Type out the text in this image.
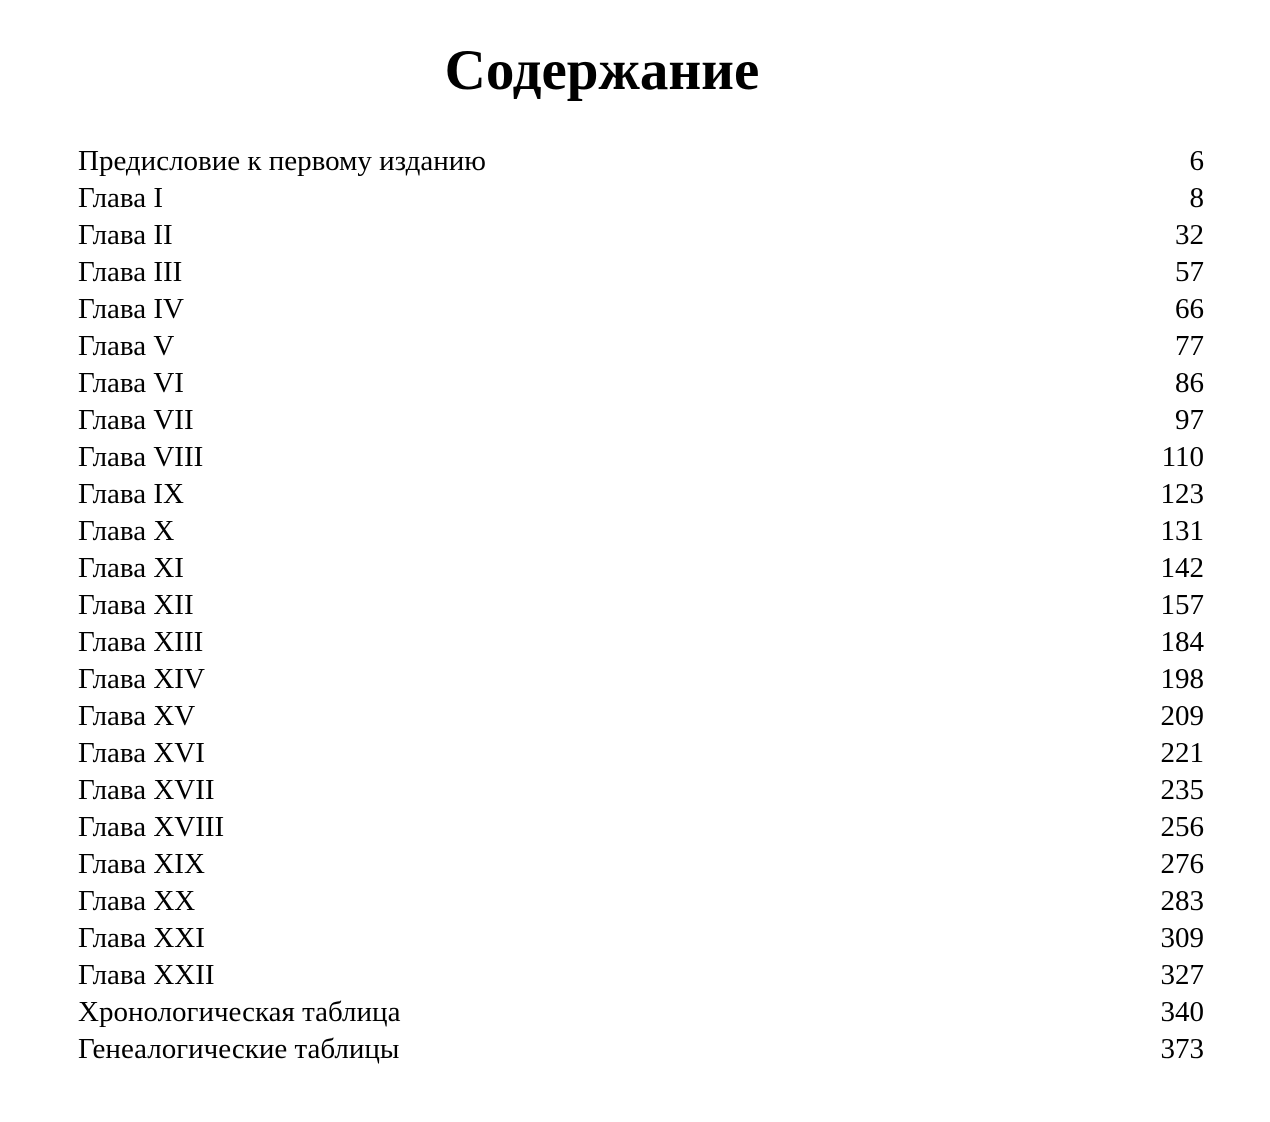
Содержание
Предисловие к первому изданию	6
Глава I	8
Глава II	32
Глава III	57
Глава IV	66
Глава V	77
Глава VI	86
Глава VII	97
Глава VIII	110
Глава IX	123
Глава X	131
Глава XI	142
Глава XII	157
Глава XIII	184
Глава XIV	198
Глава XV	209
Глава XVI	221
Глава XVII	235
Глава XVIII	256
Глава XIX	276
Глава XX	283
Глава XXI	309
Глава XXII	327
Хронологическая таблица	340
Генеалогические таблицы	373
